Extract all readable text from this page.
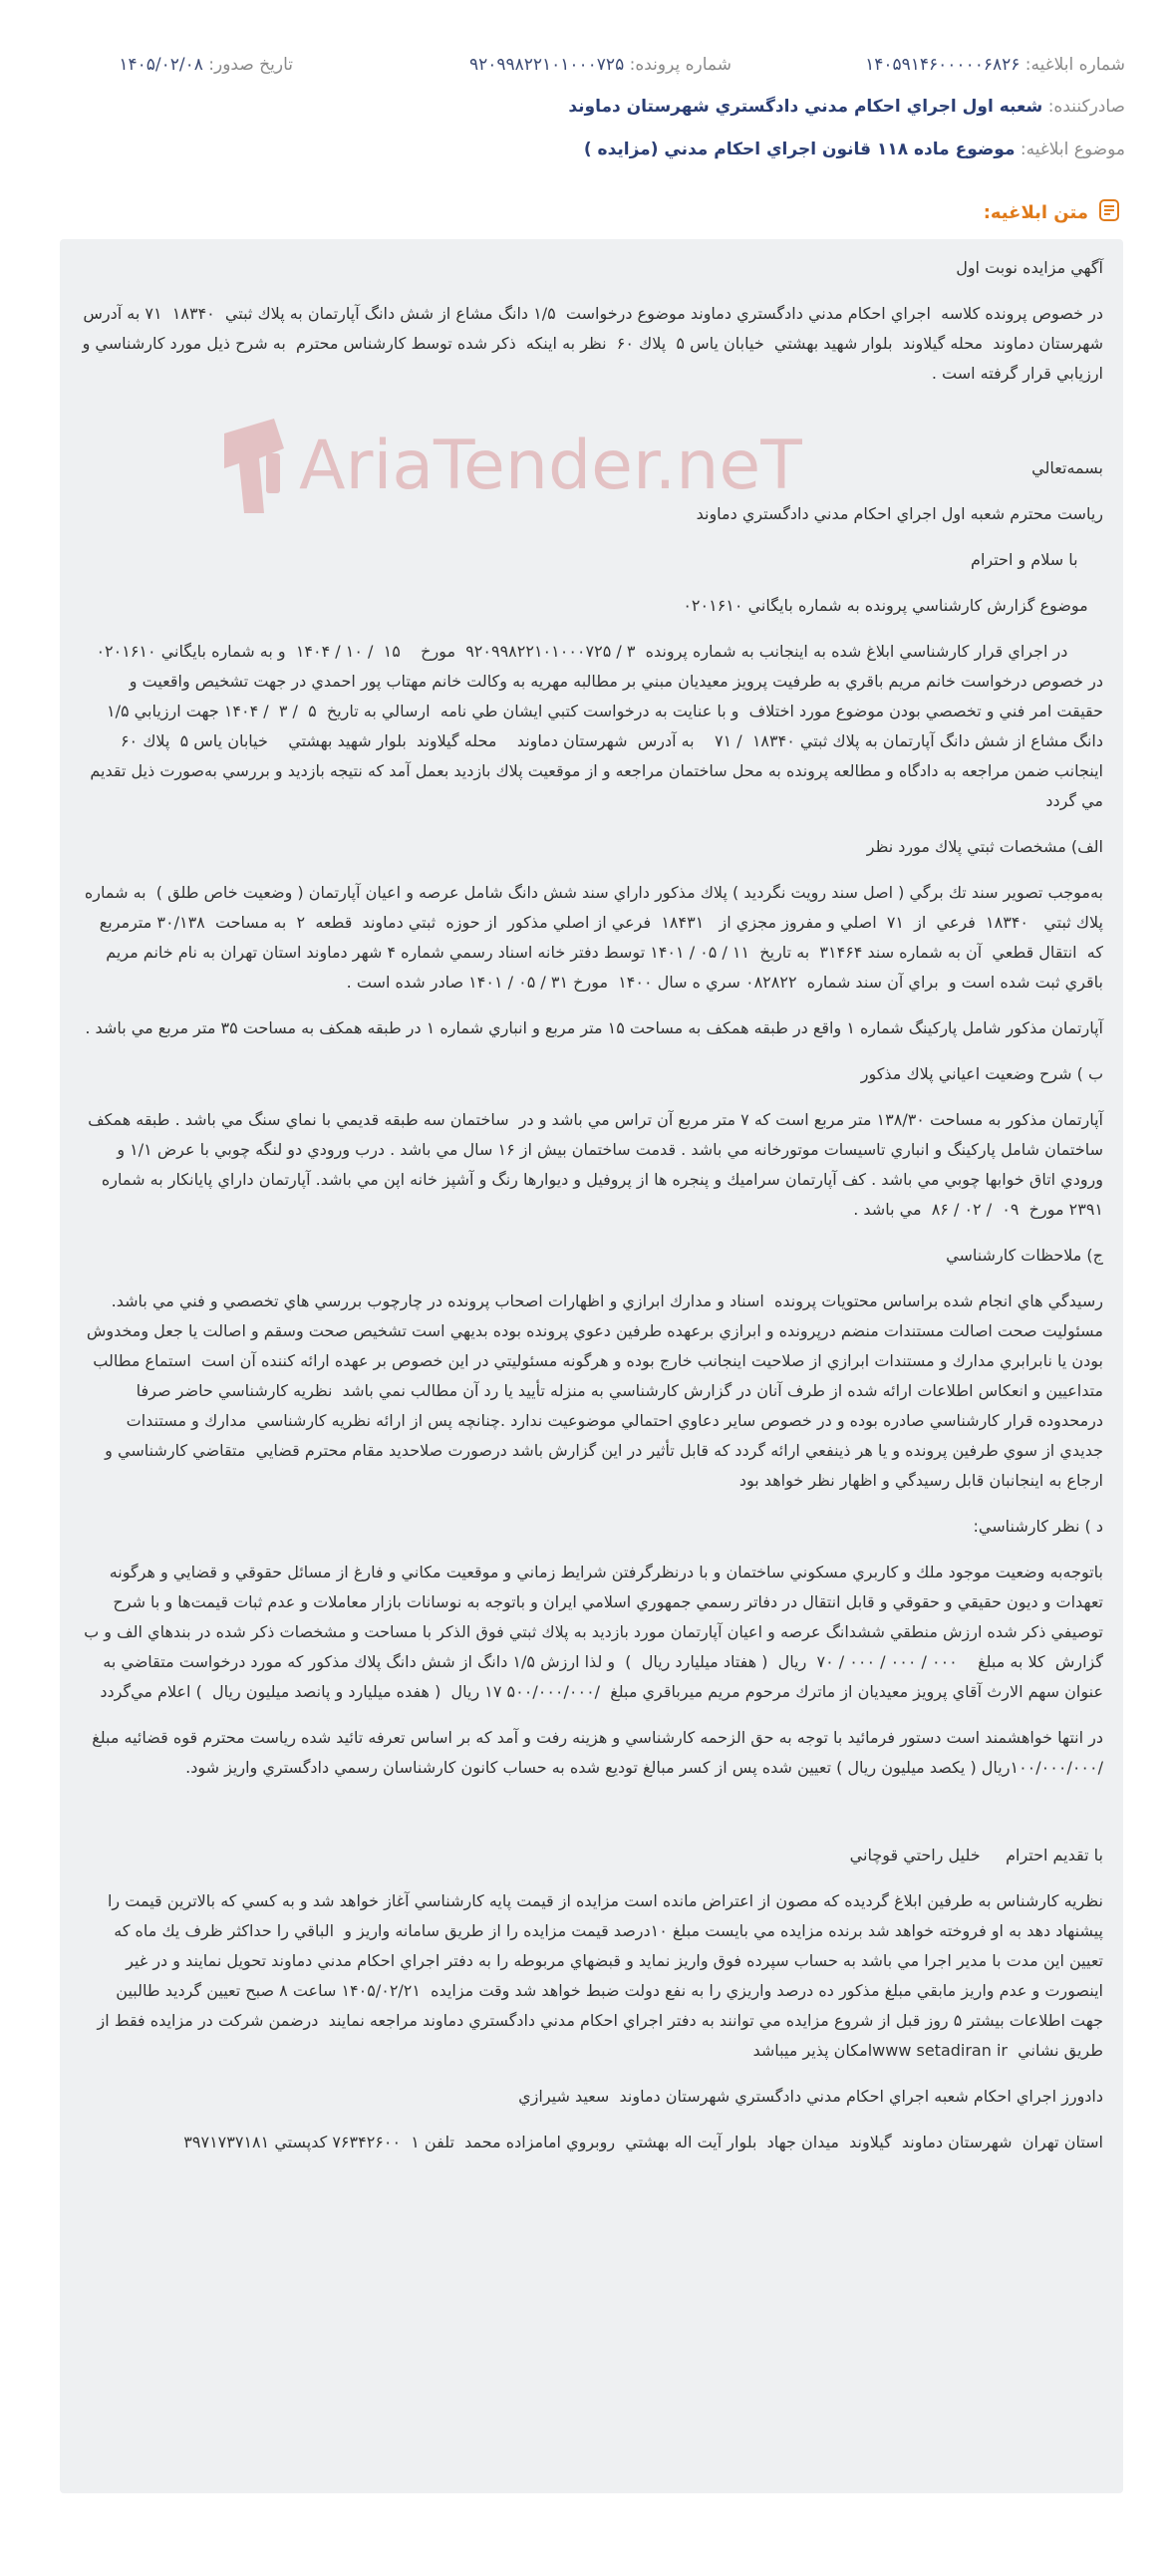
شماره ابلاغيه: ۱۴۰۵۹۱۴۶۰۰۰۰۰۶۸۲۶
شماره پرونده: ۹۲۰۹۹۸۲۲۱۰۱۰۰۰۷۲۵
تاريخ صدور: ۱۴۰۵/۰۲/۰۸
صادرکننده: شعبه اول اجراي احكام مدني دادگستري شهرستان دماوند
موضوع ابلاغيه: موضوع ماده ۱۱۸ قانون اجراي احكام مدني (مزايده )
متن ابلاغيه:
AriaTender.neT

آگهي مزايده نوبت اول

در خصوص پرونده كلاسه  اجراي احكام مدني دادگستري دماوند موضوع درخواست  ۱/۵ دانگ مشاع از شش دانگ آپارتمان به پلاك ثبتي  ۱۸۳۴۰  ۷۱ به آدرس  شهرستان دماوند  محله گيلاوند  بلوار شهيد بهشتي  خيابان ياس ۵  پلاك ۶۰  نظر به اينكه  ذكر شده توسط كارشناس محترم  به شرح ذيل مورد كارشناسي و ارزيابي قرار گرفته است .

بسمه‌تعالي

رياست محترم شعبه اول اجراي احكام مدني دادگستري دماوند

با سلام و احترام

موضوع گزارش كارشناسي پرونده به شماره بايگاني ۰۲۰۱۶۱۰

در اجراي قرار كارشناسي ابلاغ شده به اينجانب به شماره پرونده  ۳ / ۹۲۰۹۹۸۲۲۱۰۱۰۰۰۷۲۵  مورخ    ۱۵  / ۱۰ / ۱۴۰۴  و به شماره بايگاني ۰۲۰۱۶۱۰   در خصوص درخواست خانم مريم باقري به طرفيت پرويز معيديان مبني بر مطالبه مهريه به وكالت خانم مهتاب پور احمدي در جهت تشخيص واقعيت و حقيقت امر فني و تخصصي بودن موضوع مورد اختلاف  و با عنايت به درخواست كتبي ايشان طي نامه  ارسالي به تاريخ  ۵  / ۳  / ۱۴۰۴ جهت ارزيابي ۱/۵ دانگ مشاع از شش دانگ آپارتمان به پلاك ثبتي ۱۸۳۴۰  / ۷۱    به آدرس  شهرستان دماوند    محله گيلاوند  بلوار شهيد بهشتي    خيابان ياس ۵  پلاك ۶۰  اينجانب ضمن مراجعه به دادگاه و مطالعه پرونده به محل ساختمان مراجعه و از موقعيت پلاك بازديد بعمل آمد كه نتيجه بازديد و بررسي به‌صورت ذيل تقديم مي گردد

الف) مشخصات ثبتي پلاك مورد نظر

به‌موجب تصوير سند تك برگي ( اصل سند رويت نگرديد ) پلاك مذكور داراي سند شش دانگ شامل عرصه و اعيان آپارتمان ( وضعيت خاص طلق )  به شماره پلاك ثبتي   ۱۸۳۴۰  فرعي  از  ۷۱  اصلي و مفروز مجزي از   ۱۸۴۳۱  فرعي از اصلي مذكور  از حوزه  ثبتي دماوند  قطعه  ۲  به مساحت  ۳۰/۱۳۸ مترمربع  كه  انتقال قطعي  آن به شماره سند ۳۱۴۶۴  به تاريخ  ۱۱ / ۰۵ / ۱۴۰۱ توسط دفتر خانه اسناد رسمي شماره ۴ شهر دماوند استان تهران به نام خانم مريم باقري ثبت شده است و  براي آن سند شماره  ۰۸۲۸۲۲ سري ه سال ۱۴۰۰  مورخ ۳۱ / ۰۵ / ۱۴۰۱ صادر شده است .

آپارتمان مذكور شامل پاركينگ شماره ۱ واقع در طبقه همكف به مساحت ۱۵ متر مربع و انباري شماره ۱ در طبقه همكف به مساحت ۳۵ متر مربع مي باشد .

ب ) شرح وضعيت اعياني پلاك مذكور

آپارتمان مذكور به مساحت ۱۳۸/۳۰ متر مربع است كه ۷ متر مربع آن تراس مي باشد و در  ساختمان سه طبقه قديمي با نماي سنگ مي باشد . طبقه همكف ساختمان شامل پاركينگ و انباري تاسيسات موتورخانه مي باشد . قدمت ساختمان بيش از ۱۶ سال مي باشد . درب ورودي دو لنگه چوبي با عرض ۱/۱ و ورودي اتاق خوابها چوبي مي باشد . كف آپارتمان سراميك و پنجره ها از پروفيل و ديوارها رنگ و آشپز خانه اپن مي باشد. آپارتمان داراي پايانكار به شماره ۲۳۹۱ مورخ  ۰۹  / ۰۲ / ۸۶  مي باشد .

ج) ملاحظات كارشناسي

رسيدگي هاي انجام شده براساس محتويات پرونده  اسناد و مدارك ابرازي و اظهارات اصحاب پرونده در چارچوب بررسي هاي تخصصي و فني مي باشد. مسئوليت صحت اصالت مستندات منضم درپرونده و ابرازي برعهده طرفين دعوي پرونده بوده بديهي است تشخيص صحت وسقم و اصالت يا جعل ومخدوش بودن يا نابرابري مدارك و مستندات ابرازي از صلاحيت اينجانب خارج بوده و هرگونه مسئوليتي در اين خصوص بر عهده ارائه كننده آن است  استماع مطالب متداعيين و انعكاس اطلاعات ارائه شده از طرف آنان در گزارش كارشناسي به منزله تأييد يا رد آن مطالب نمي باشد  نظريه كارشناسي حاضر صرفا درمحدوده قرار كارشناسي صادره بوده و در خصوص ساير دعاوي احتمالي موضوعيت ندارد .چنانچه پس از ارائه نظريه كارشناسي  مدارك و مستندات جديدي از سوي طرفين پرونده و يا هر ذينفعي ارائه گردد كه قابل تأثير در اين گزارش باشد درصورت صلاحديد مقام محترم قضايي  متقاضي كارشناسي و ارجاع به اينجانبان قابل رسيدگي و اظهار نظر خواهد بود

د ) نظر كارشناسي:

باتوجه‌به وضعيت موجود ملك و كاربري مسكوني ساختمان و با درنظرگرفتن شرايط زماني و موقعيت مكاني و فارغ از مسائل حقوقي و قضايي و هرگونه تعهدات و ديون حقيقي و حقوقي و قابل انتقال در دفاتر رسمي جمهوري اسلامي ايران و باتوجه به نوسانات بازار معاملات و عدم ثبات قيمت‌ها و با شرح توصيفي ذكر شده ارزش منطقي ششدانگ عرصه و اعيان آپارتمان مورد بازديد به پلاك ثبتي فوق الذكر با مساحت و مشخصات ذكر شده در بندهاي الف و ب گزارش  كلا به مبلغ    ۰۰۰ / ۰۰۰ / ۰۰۰ / ۷۰  ريال  ( هفتاد ميليارد ريال  )  و لذا ارزش ۱/۵ دانگ از شش دانگ پلاك مذكور كه مورد درخواست متقاضي به عنوان سهم الارث آقاي پرويز معيديان از ماترك مرحوم مريم ميرباقري مبلغ  /۵۰۰/۰۰۰/۰۰۰ ۱۷ ريال  ( هفده ميليارد و پانصد ميليون ريال  ) اعلام مي‌گردد

در انتها خواهشمند است دستور فرمائيد با توجه به حق الزحمه كارشناسي و هزينه رفت و آمد كه بر اساس تعرفه تائيد شده رياست محترم قوه قضائيه مبلغ  /۱۰۰/۰۰۰/۰۰۰ريال ( يكصد ميليون ريال ) تعيين شده پس از كسر مبالغ توديع شده به حساب كانون كارشناسان رسمي دادگستري واريز شود.

با تقديم احترام     خليل راحتي قوچاني

نظريه كارشناس به طرفين ابلاغ گرديده كه مصون از اعتراض مانده است مزايده از قيمت پايه كارشناسي آغاز خواهد شد و به كسي كه بالاترين قيمت را پيشنهاد دهد به او فروخته خواهد شد برنده مزايده مي بايست مبلغ ۱۰درصد قيمت مزايده را از طريق سامانه واريز و  الباقي را حداكثر ظرف يك ماه كه تعيين اين مدت با مدير اجرا مي باشد به حساب سپرده فوق واريز نمايد و قبضهاي مربوطه را به دفتر اجراي احكام مدني دماوند تحويل نمايند و در غير اينصورت و عدم واريز مابقي مبلغ مذكور ده درصد واريزي را به نفع دولت ضبط خواهد شد وقت مزايده  ۱۴۰۵/۰۲/۲۱ ساعت ۸ صبح تعيين گرديد طالبين جهت اطلاعات بيشتر ۵ روز قبل از شروع مزايده مي توانند به دفتر اجراي احكام مدني دادگستري دماوند مراجعه نمايند  درضمن شركت در مزايده فقط از طريق نشاني  www setadiran irامكان پذير ميباشد

دادورز اجراي احكام شعبه اجراي احكام مدني دادگستري شهرستان دماوند  سعيد شيرازي

استان تهران  شهرستان دماوند  گيلاوند  ميدان جهاد  بلوار آيت اله بهشتي  روبروي امامزاده محمد  تلفن ۱  ۷۶۳۴۲۶۰۰ كدپستي ۳۹۷۱۷۳۷۱۸۱
